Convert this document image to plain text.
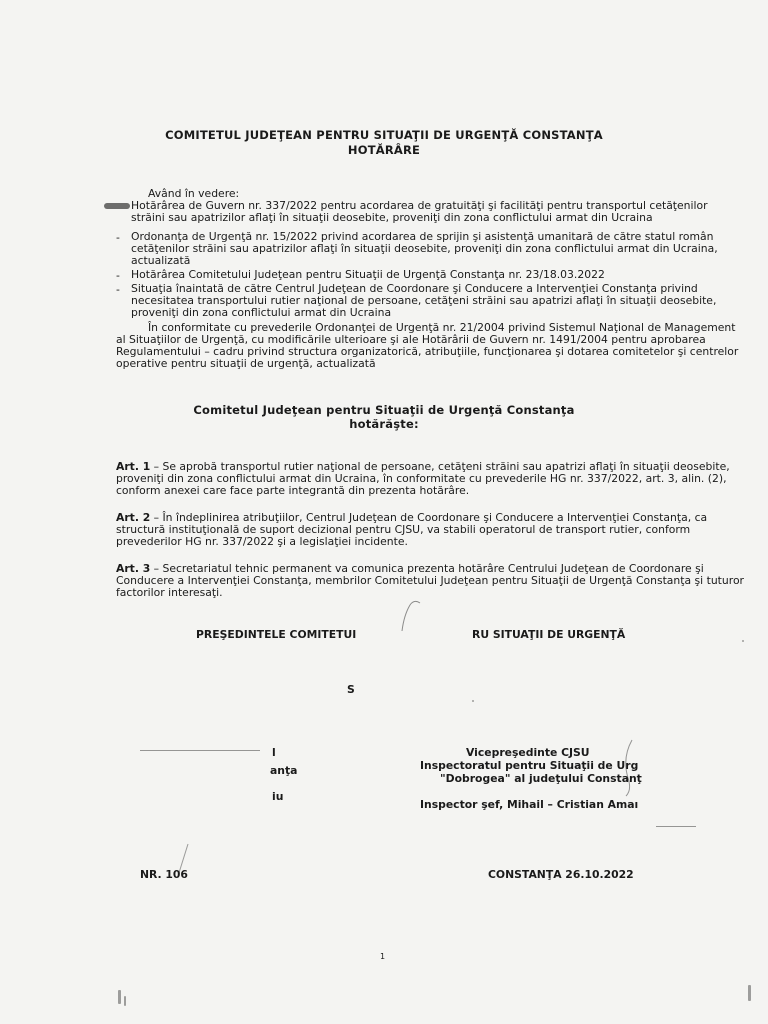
COMITETUL JUDEŢEAN PENTRU SITUAŢII DE URGENŢĂ CONSTANŢA
HOTĂRÂRE
Având în vedere:
Hotărârea de Guvern nr. 337/2022 pentru acordarea de gratuităţi şi facilităţi pentru transportul cetăţenilor
străini sau apatrizilor aflaţi în situaţii deosebite, proveniţi din zona conflictului armat din Ucraina
- Ordonanţa de Urgenţă nr. 15/2022 privind acordarea de sprijin şi asistenţă umanitară de către statul român
cetăţenilor străini sau apatrizilor aflaţi în situaţii deosebite, proveniţi din zona conflictului armat din Ucraina,
actualizată
- Hotărârea Comitetului Judeţean pentru Situaţii de Urgenţă Constanţa nr. 23/18.03.2022
- Situaţia înaintată de către Centrul Judeţean de Coordonare şi Conducere a Intervenţiei Constanţa privind
necesitatea transportului rutier naţional de persoane, cetăţeni străini sau apatrizi aflaţi în situaţii deosebite,
proveniţi din zona conflictului armat din Ucraina
În conformitate cu prevederile Ordonanţei de Urgenţă nr. 21/2004 privind Sistemul Naţional de Management
al Situaţiilor de Urgenţă, cu modificările ulterioare şi ale Hotărârii de Guvern nr. 1491/2004 pentru aprobarea
Regulamentului – cadru privind structura organizatorică, atribuţiile, funcţionarea şi dotarea comitetelor şi centrelor
operative pentru situaţii de urgenţă, actualizată
Comitetul Judeţean pentru Situaţii de Urgenţă Constanţa
hotărăşte:
Art. 1 – Se aprobă transportul rutier naţional de persoane, cetăţeni străini sau apatrizi aflaţi în situaţii deosebite,
proveniţi din zona conflictului armat din Ucraina, în conformitate cu prevederile HG nr. 337/2022, art. 3, alin. (2),
conform anexei care face parte integrantă din prezenta hotărâre.
Art. 2 – În îndeplinirea atribuţiilor, Centrul Judeţean de Coordonare şi Conducere a Intervenţiei Constanţa, ca
structură instituţională de suport decizional pentru CJSU, va stabili operatorul de transport rutier, conform
prevederilor HG nr. 337/2022 şi a legislaţiei incidente.
Art. 3 – Secretariatul tehnic permanent va comunica prezenta hotărâre Centrului Judeţean de Coordonare şi
Conducere a Intervenţiei Constanţa, membrilor Comitetului Judeţean pentru Situaţii de Urgenţă Constanţa şi tuturor
factorilor interesaţi.
PREŞEDINTELE COMITETUI	RU SITUAŢII DE URGENŢĂ
S
l
anţa
iu
Vicepreşedinte CJSU
Inspectoratul pentru Situaţii de Urg
"Dobrogea" al judeţului Constanţ
Inspector şef, Mihail – Cristian Amaı
NR. 106	CONSTANŢA 26.10.2022
1
